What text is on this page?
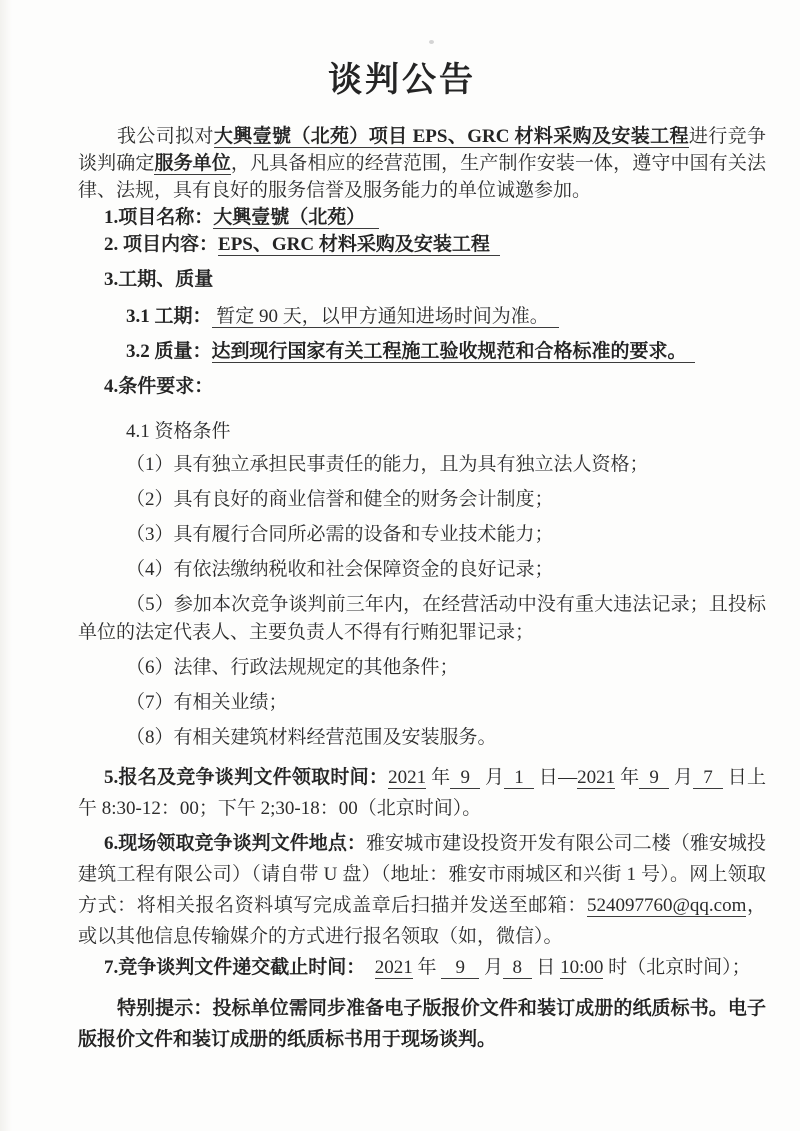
谈判公告

我公司拟对大興壹號（北苑）项目 EPS、GRC 材料采购及安装工程进行竞争谈判确定服务单位，凡具备相应的经营范围，生产制作安装一体，遵守中国有关法律、法规，具有良好的服务信誉及服务能力的单位诚邀参加。

1.项目名称：大興壹號（北苑）

2. 项目内容：EPS、GRC 材料采购及安装工程

3.工期、质量

3.1 工期： 暂定 90 天，以甲方通知进场时间为准。

3.2 质量：达到现行国家有关工程施工验收规范和合格标准的要求。

4.条件要求：

4.1 资格条件

（1）具有独立承担民事责任的能力，且为具有独立法人资格；

（2）具有良好的商业信誉和健全的财务会计制度；

（3）具有履行合同所必需的设备和专业技术能力；

（4）有依法缴纳税收和社会保障资金的良好记录；

（5）参加本次竞争谈判前三年内，在经营活动中没有重大违法记录；且投标单位的法定代表人、主要负责人不得有行贿犯罪记录；

（6）法律、行政法规规定的其他条件；

（7）有相关业绩；

（8）有相关建筑材料经营范围及安装服务。

5.报名及竞争谈判文件领取时间：2021 年  9   月  1   日—2021 年  9   月  7   日上午 8:30-12：00；下午 2;30-18：00（北京时间）。

6.现场领取竞争谈判文件地点：雅安城市建设投资开发有限公司二楼（雅安城投建筑工程有限公司）（请自带 U 盘）（地址：雅安市雨城区和兴街 1 号）。网上领取方式：将相关报名资料填写完成盖章后扫描并发送至邮箱：524097760@qq.com，或以其他信息传输媒介的方式进行报名领取（如，微信）。

7.竞争谈判文件递交截止时间： 2021 年    9    月  8   日 10:00 时（北京时间）；

特别提示：投标单位需同步准备电子版报价文件和装订成册的纸质标书。电子版报价文件和装订成册的纸质标书用于现场谈判。
